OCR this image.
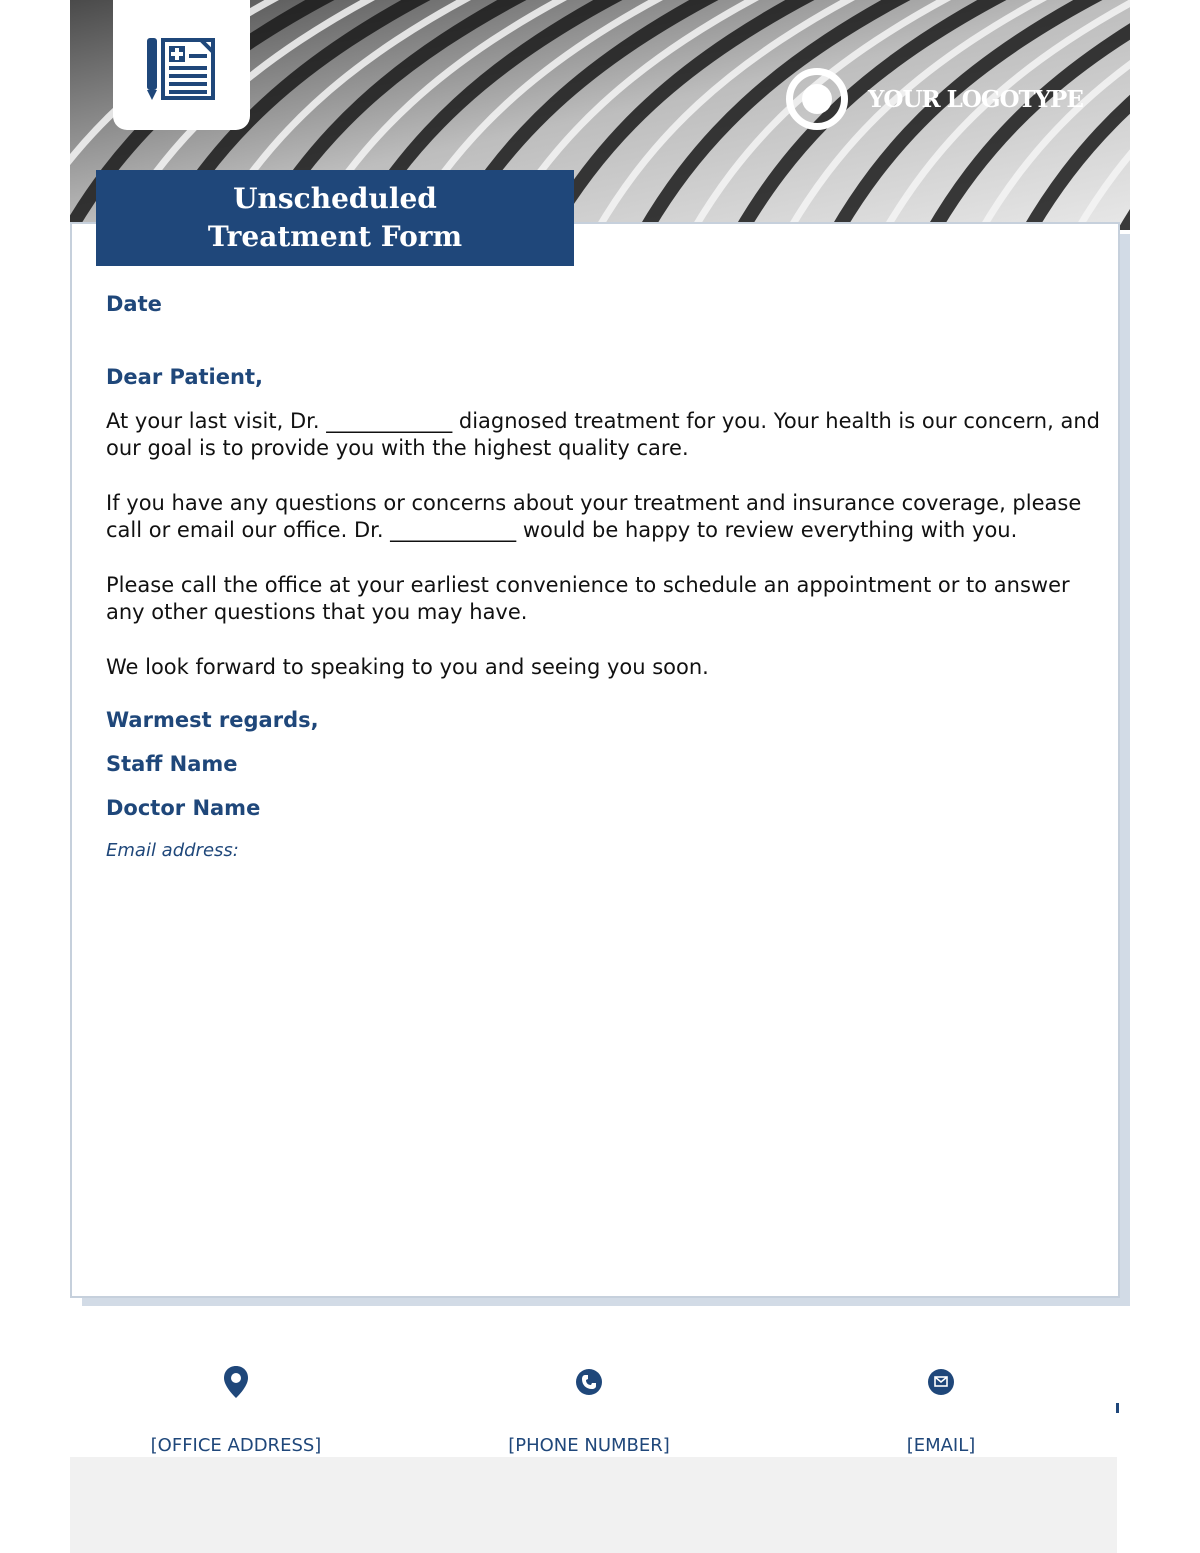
YOUR LOGOTYPE
Unscheduled
Treatment Form
Date
Dear Patient,

At your last visit, Dr. ____________ diagnosed treatment for you. Your health is our concern, and our goal is to provide you with the highest quality care.

If you have any questions or concerns about your treatment and insurance coverage, please call or email our office. Dr. ____________ would be happy to review everything with you.

Please call the office at your earliest convenience to schedule an appointment or to answer any other questions that you may have.

We look forward to speaking to you and seeing you soon.

Warmest regards,
Staff Name
Doctor Name
Email address:
[OFFICE ADDRESS]	[PHONE NUMBER]	[EMAIL]
